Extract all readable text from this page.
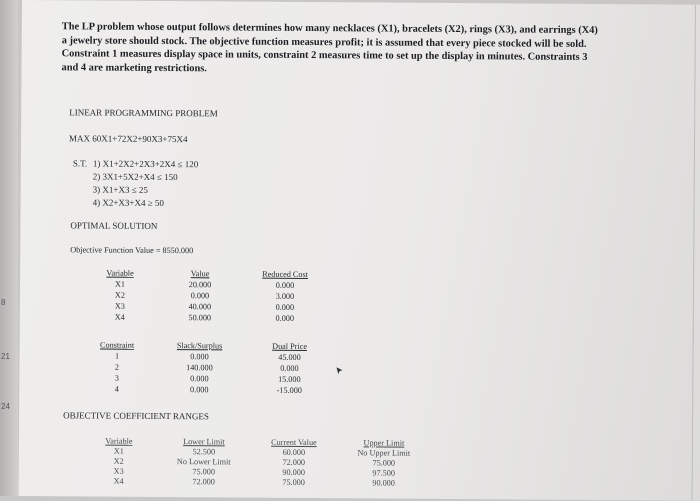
8
21
24
The LP problem whose output follows determines how many necklaces (X1), bracelets (X2), rings (X3), and earrings (X4) a jewelry store should stock. The objective function measures profit; it is assumed that every piece stocked will be sold. Constraint 1 measures display space in units, constraint 2 measures time to set up the display in minutes. Constraints 3 and 4 are marketing restrictions.
LINEAR PROGRAMMING PROBLEM
MAX 60X1+72X2+90X3+75X4
S.T. 1) X1+2X2+2X3+2X4 ≤ 120
2) 3X1+5X2+X4 ≤ 150
3) X1+X3 ≤ 25
4) X2+X3+X4 ≥ 50
OPTIMAL SOLUTION
Objective Function Value = 8550.000
Variable	Value	Reduced Cost
X1	20.000	0.000
X2	0.000	3.000
X3	40.000	0.000
X4	50.000	0.000
Constraint	Slack/Surplus	Dual Price
1	0.000	45.000
2	140.000	0.000
3	0.000	15.000
4	0.000	-15.000
OBJECTIVE COEFFICIENT RANGES
Variable	Lower Limit	Current Value	Upper Limit
X1	52.500	60.000	No Upper Limit
X2	No Lower Limit	72.000	75.000
X3	75.000	90.000	97.500
X4	72.000	75.000	90.000
